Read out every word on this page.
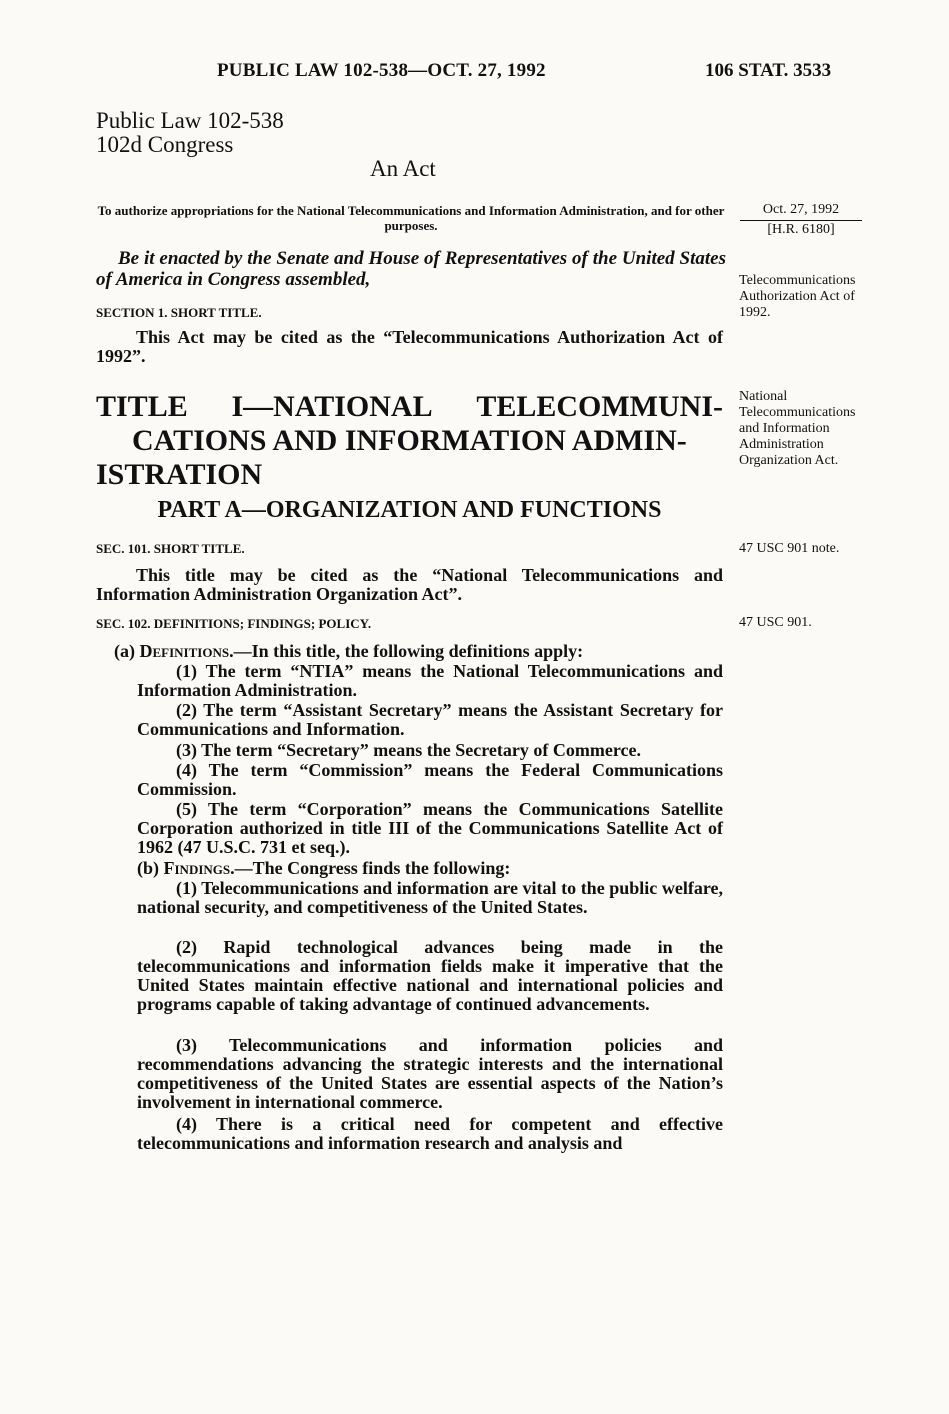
PUBLIC LAW 102-538—OCT. 27, 1992	106 STAT. 3533
Public Law 102-538
102d Congress
An Act
To authorize appropriations for the National Telecommunications and Information Administration, and for other purposes.
Oct. 27, 1992
[H.R. 6180]
Be it enacted by the Senate and House of Representatives of the United States of America in Congress assembled,
SECTION 1. SHORT TITLE.
This Act may be cited as the “Telecommunications Authorization Act of 1992”.
Telecommunications Authorization Act of 1992.
TITLE I—NATIONAL TELECOMMUNI-
CATIONS AND INFORMATION ADMIN-
ISTRATION
National Telecommunications and Information Administration Organization Act.
PART A—ORGANIZATION AND FUNCTIONS
SEC. 101. SHORT TITLE.
This title may be cited as the “National Telecommunications and Information Administration Organization Act”.
47 USC 901 note.
SEC. 102. DEFINITIONS; FINDINGS; POLICY.	47 USC 901.
(a) Definitions.—In this title, the following definitions apply:
(1) The term “NTIA” means the National Telecommunications and Information Administration.
(2) The term “Assistant Secretary” means the Assistant Secretary for Communications and Information.
(3) The term “Secretary” means the Secretary of Commerce.
(4) The term “Commission” means the Federal Communications Commission.
(5) The term “Corporation” means the Communications Satellite Corporation authorized in title III of the Communications Satellite Act of 1962 (47 U.S.C. 731 et seq.).
(b) Findings.—The Congress finds the following:
(1) Telecommunications and information are vital to the public welfare, national security, and competitiveness of the United States.
(2) Rapid technological advances being made in the telecommunications and information fields make it imperative that the United States maintain effective national and international policies and programs capable of taking advantage of continued advancements.
(3) Telecommunications and information policies and recommendations advancing the strategic interests and the international competitiveness of the United States are essential aspects of the Nation’s involvement in international commerce.
(4) There is a critical need for competent and effective telecommunications and information research and analysis and
